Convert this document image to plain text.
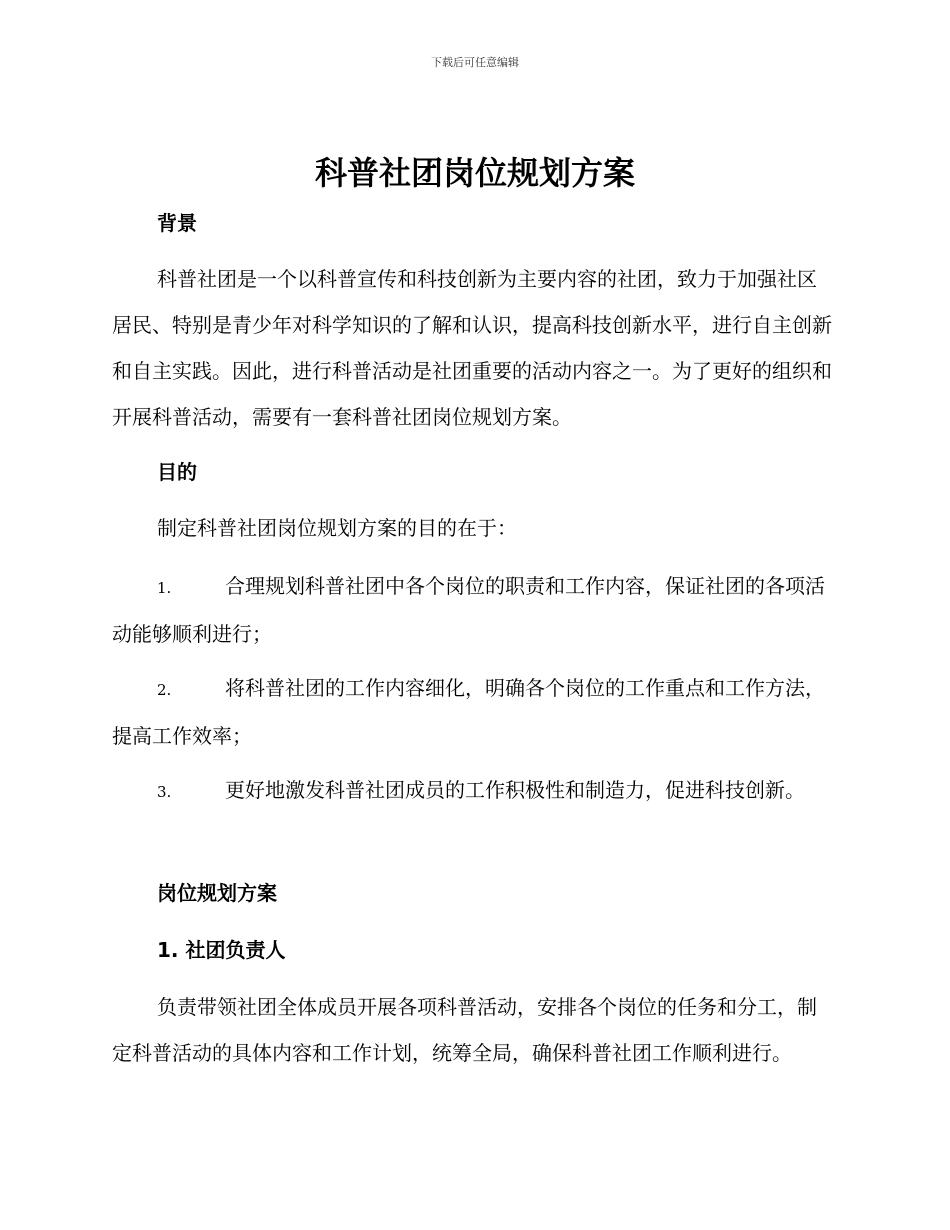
下载后可任意编辑
科普社团岗位规划方案
背景

科普社团是一个以科普宣传和科技创新为主要内容的社团，致力于加强社区居民、特别是青少年对科学知识的了解和认识，提高科技创新水平，进行自主创新和自主实践。因此，进行科普活动是社团重要的活动内容之一。为了更好的组织和开展科普活动，需要有一套科普社团岗位规划方案。

目的

制定科普社团岗位规划方案的目的在于：

1.	合理规划科普社团中各个岗位的职责和工作内容，保证社团的各项活动能够顺利进行；
2.	将科普社团的工作内容细化，明确各个岗位的工作重点和工作方法，提高工作效率；
3.	更好地激发科普社团成员的工作积极性和制造力，促进科技创新。
岗位规划方案
1. 社团负责人

负责带领社团全体成员开展各项科普活动，安排各个岗位的任务和分工，制定科普活动的具体内容和工作计划，统筹全局，确保科普社团工作顺利进行。
